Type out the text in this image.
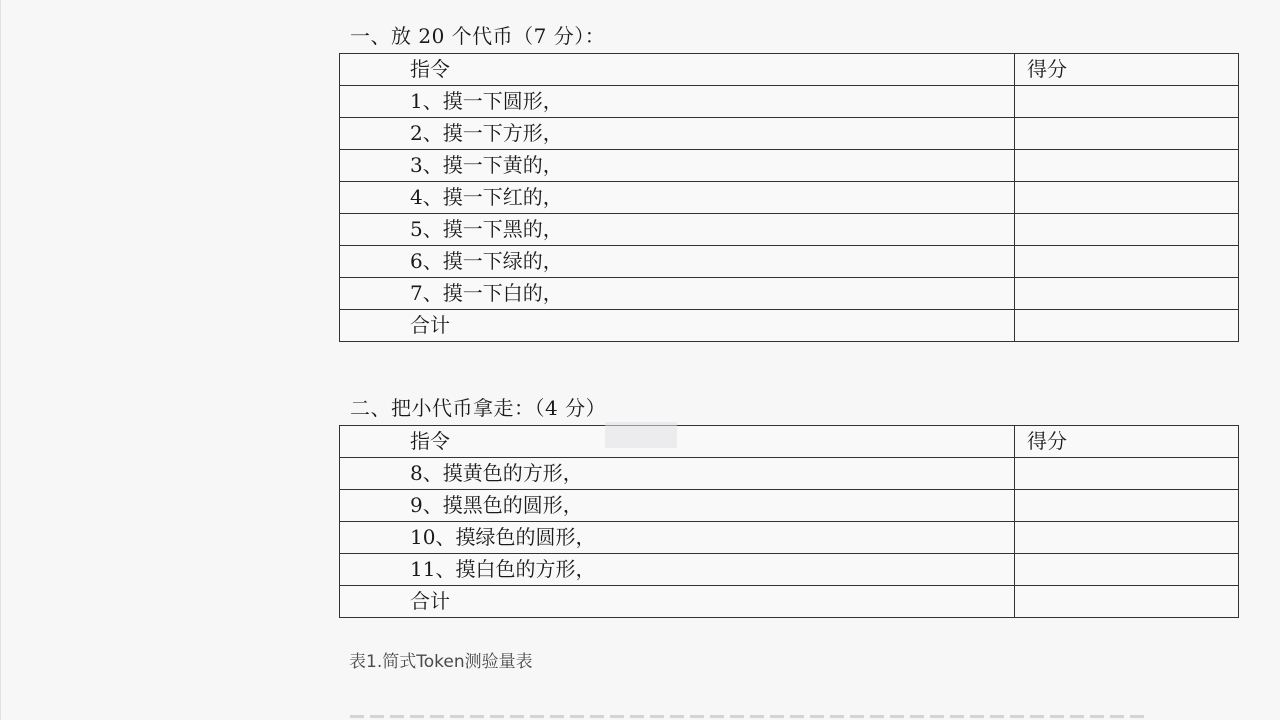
一、放 20 个代币（7 分）：
指令	得分
1、摸一下圆形，	
2、摸一下方形，	
3、摸一下黄的，	
4、摸一下红的，	
5、摸一下黑的，	
6、摸一下绿的，	
7、摸一下白的，	
合计	
二、把小代币拿走：（4 分）
指令	得分
8、摸黄色的方形，	
9、摸黑色的圆形，	
10、摸绿色的圆形，	
11、摸白色的方形，	
合计	
表1.简式Token测验量表
